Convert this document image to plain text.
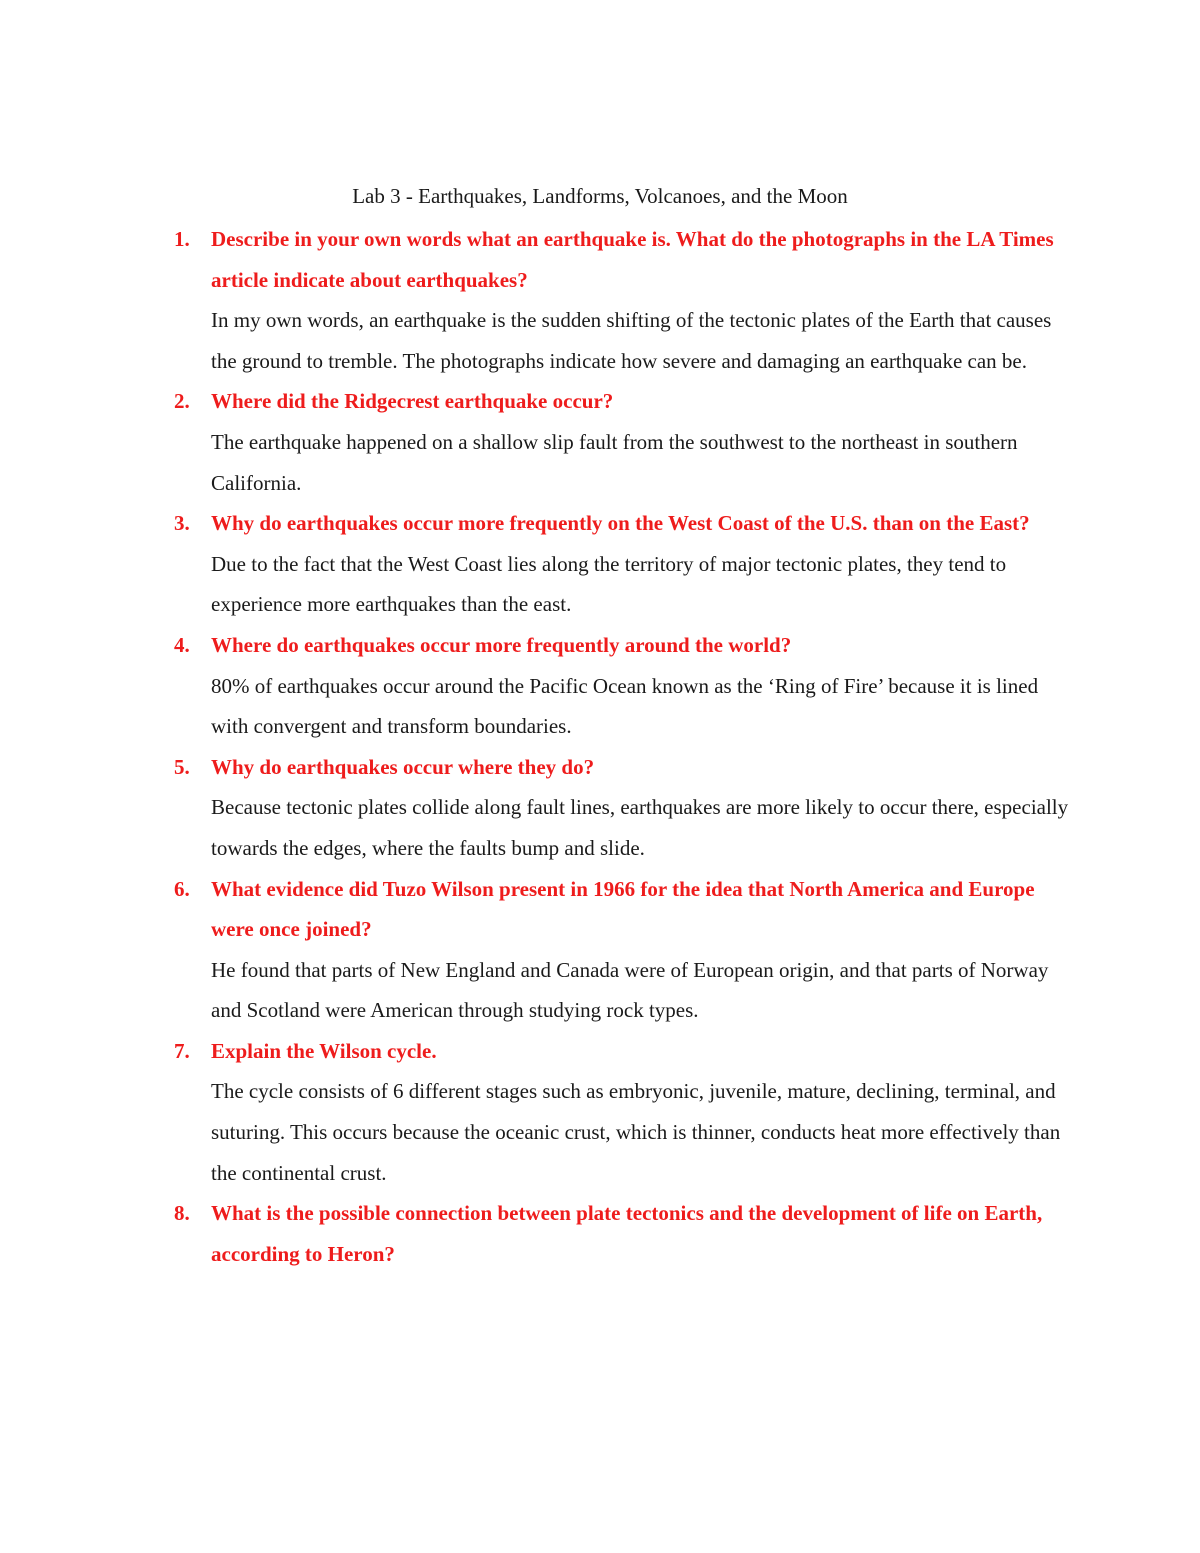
Lab 3 - Earthquakes, Landforms, Volcanoes, and the Moon
1.	Describe in your own words what an earthquake is. What do the photographs in the LA Times article indicate about earthquakes?
In my own words, an earthquake is the sudden shifting of the tectonic plates of the Earth that causes the ground to tremble. The photographs indicate how severe and damaging an earthquake can be.
2.	Where did the Ridgecrest earthquake occur?
The earthquake happened on a shallow slip fault from the southwest to the northeast in southern California.
3.	Why do earthquakes occur more frequently on the West Coast of the U.S. than on the East?
Due to the fact that the West Coast lies along the territory of major tectonic plates, they tend to experience more earthquakes than the east.
4.	Where do earthquakes occur more frequently around the world?
80% of earthquakes occur around the Pacific Ocean known as the ‘Ring of Fire’ because it is lined with convergent and transform boundaries.
5.	Why do earthquakes occur where they do?
Because tectonic plates collide along fault lines, earthquakes are more likely to occur there, especially towards the edges, where the faults bump and slide.
6.	What evidence did Tuzo Wilson present in 1966 for the idea that North America and Europe were once joined?
He found that parts of New England and Canada were of European origin, and that parts of Norway and Scotland were American through studying rock types.
7.	Explain the Wilson cycle.
The cycle consists of 6 different stages such as embryonic, juvenile, mature, declining, terminal, and suturing. This occurs because the oceanic crust, which is thinner, conducts heat more effectively than the continental crust.
8.	What is the possible connection between plate tectonics and the development of life on Earth, according to Heron?
